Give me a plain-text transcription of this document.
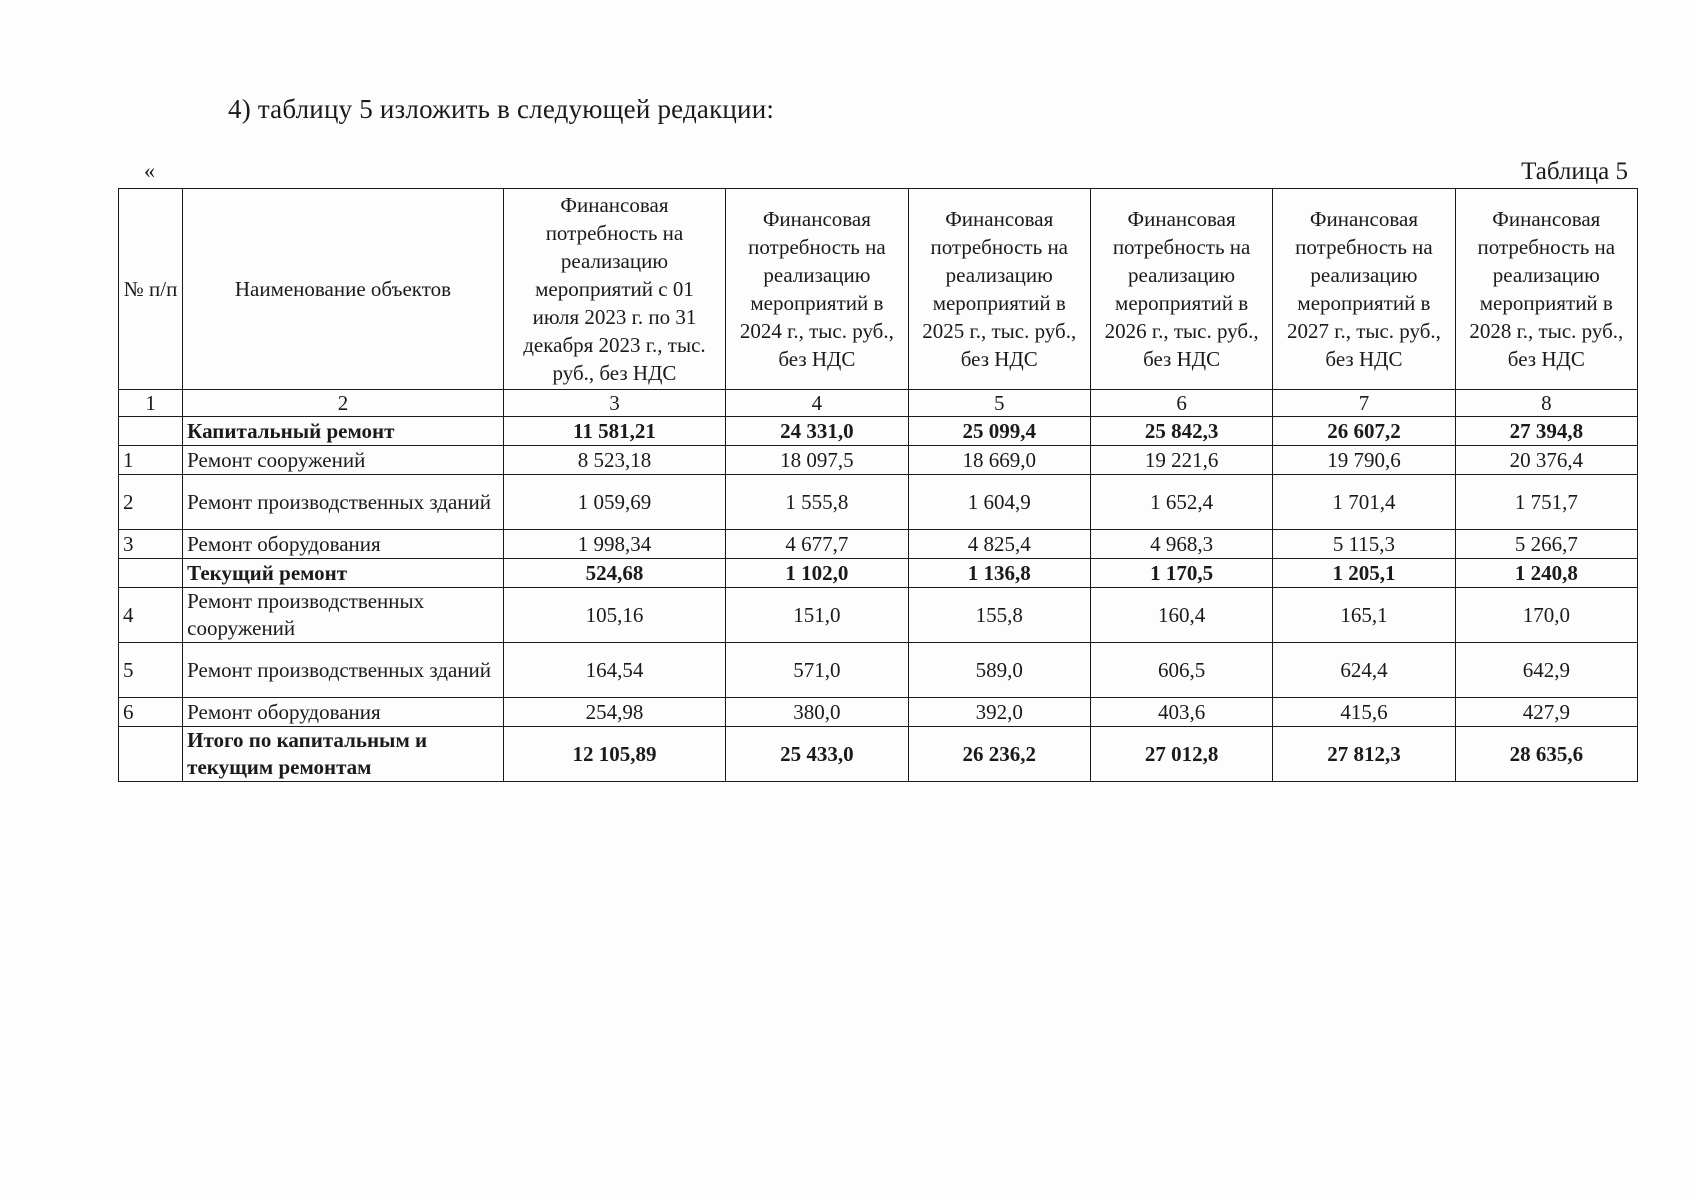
4) таблицу 5 изложить в следующей редакции:
«	Таблица 5
№ п/п	Наименование объектов	Финансовая потребность на реализацию мероприятий с 01 июля 2023 г. по 31 декабря 2023 г., тыс. руб., без НДС	Финансовая потребность на реализацию мероприятий в 2024 г., тыс. руб., без НДС	Финансовая потребность на реализацию мероприятий в 2025 г., тыс. руб., без НДС	Финансовая потребность на реализацию мероприятий в 2026 г., тыс. руб., без НДС	Финансовая потребность на реализацию мероприятий в 2027 г., тыс. руб., без НДС	Финансовая потребность на реализацию мероприятий в 2028 г., тыс. руб., без НДС
1	2	3	4	5	6	7	8
	Капитальный ремонт	11 581,21	24 331,0	25 099,4	25 842,3	26 607,2	27 394,8
1	Ремонт сооружений	8 523,18	18 097,5	18 669,0	19 221,6	19 790,6	20 376,4
2	Ремонт производственных зданий	1 059,69	1 555,8	1 604,9	1 652,4	1 701,4	1 751,7
3	Ремонт оборудования	1 998,34	4 677,7	4 825,4	4 968,3	5 115,3	5 266,7
	Текущий ремонт	524,68	1 102,0	1 136,8	1 170,5	1 205,1	1 240,8
4	Ремонт производственных сооружений	105,16	151,0	155,8	160,4	165,1	170,0
5	Ремонт производственных зданий	164,54	571,0	589,0	606,5	624,4	642,9
6	Ремонт оборудования	254,98	380,0	392,0	403,6	415,6	427,9
	Итого по капитальным и текущим ремонтам	12 105,89	25 433,0	26 236,2	27 012,8	27 812,3	28 635,6
